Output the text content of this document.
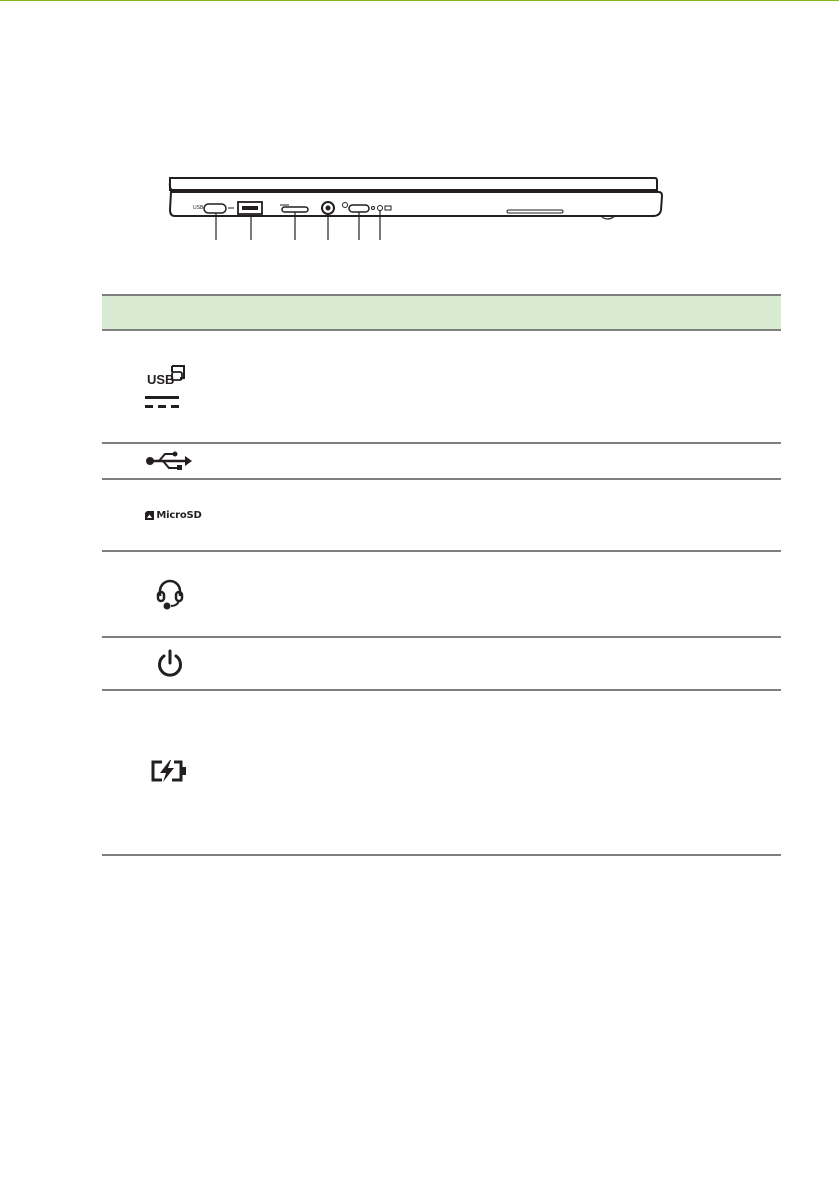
USB
USB
MicroSD
